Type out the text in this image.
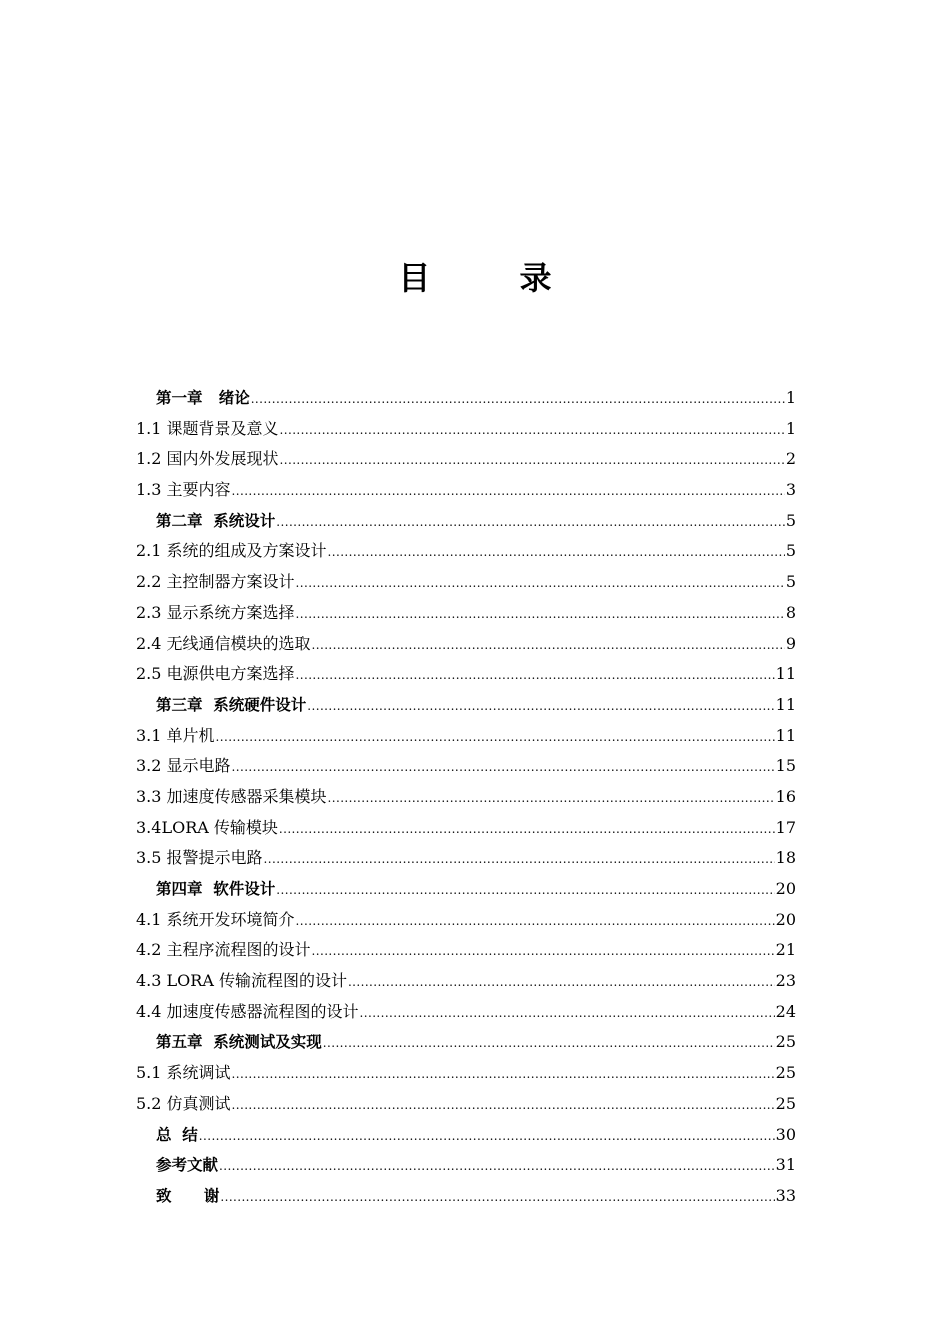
目        录
第一章   绪论 .....	1
1.1 课题背景及意义 .....	1
1.2 国内外发展现状 .....	2
1.3 主要内容 .....	3
第二章  系统设计 .....	5
2.1 系统的组成及方案设计 .....	5
2.2 主控制器方案设计 .....	5
2.3 显示系统方案选择 .....	8
2.4 无线通信模块的选取 .....	9
2.5 电源供电方案选择 .....	11
第三章  系统硬件设计 .....	11
3.1 单片机 .....	11
3.2 显示电路 .....	15
3.3 加速度传感器采集模块 .....	16
3.4LORA 传输模块 .....	17
3.5 报警提示电路 .....	18
第四章  软件设计 .....	20
4.1 系统开发环境简介 .....	20
4.2 主程序流程图的设计 .....	21
4.3 LORA 传输流程图的设计 .....	23
4.4 加速度传感器流程图的设计 .....	24
第五章  系统测试及实现 .....	25
5.1 系统调试 .....	25
5.2 仿真测试 .....	25
总  结 .....	30
参考文献 .....	31
致      谢 .....	33
